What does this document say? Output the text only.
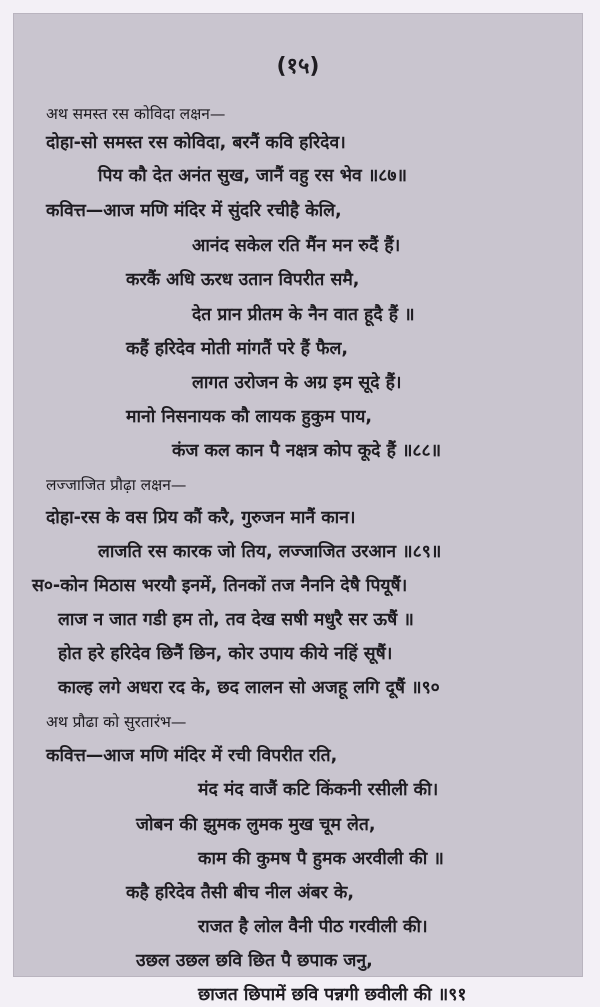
(१५)
अथ समस्त रस कोविदा लक्षन—
दोहा-सो समस्त रस कोविदा, बरनैं कवि हरिदेव।
पिय कौ देत अनंत सुख, जानैं वहु रस भेव ॥८७॥
कवित्त—आज मणि मंदिर में सुंदरि रचीहै केलि,
आनंद सकेल रति मैंन मन रुदैं हैं।
करकैं अधि ऊरध उतान विपरीत समै,
देत प्रान प्रीतम के नैन वात हूदै हैं ॥
कहैं हरिदेव मोती मांगतैं परे हैं फैल,
लागत उरोजन के अग्र इम सूदे हैं।
मानो निसनायक कौ लायक हुकुम पाय,
कंज कल कान पै नक्षत्र कोप कूदे हैं ॥८८॥
लज्जाजित प्रौढ़ा लक्षन—
दोहा-रस के वस प्रिय कौं करै, गुरुजन मानैं कान।
लाजति रस कारक जो तिय, लज्जाजित उरआन ॥८९॥
स०-कोन मिठास भरयौ इनमें, तिनकों तज नैननि देषै पियूषैं।
लाज न जात गडी हम तो, तव देख सषी मधुरै सर ऊषैं ॥
होत हरे हरिदेव छिनैं छिन, कोर उपाय कीये नहिं सूषैं।
काल्ह लगे अधरा रद के, छद लालन सो अजहू लगि दूषैं ॥९०
अथ प्रौढा को सुरतारंभ—
कवित्त—आज मणि मंदिर में रची विपरीत रति,
मंद मंद वाजैं कटि किंकनी रसीली की।
जोबन की झुमक लुमक मुख चूम लेत,
काम की कुमष पै हुमक अरवीली की ॥
कहै हरिदेव तैसी बीच नील अंबर के,
राजत है लोल वैनी पीठ गरवीली की।
उछल उछल छवि छित पै छपाक जनु,
छाजत छिपामें छवि पन्नगी छवीली की ॥९१
